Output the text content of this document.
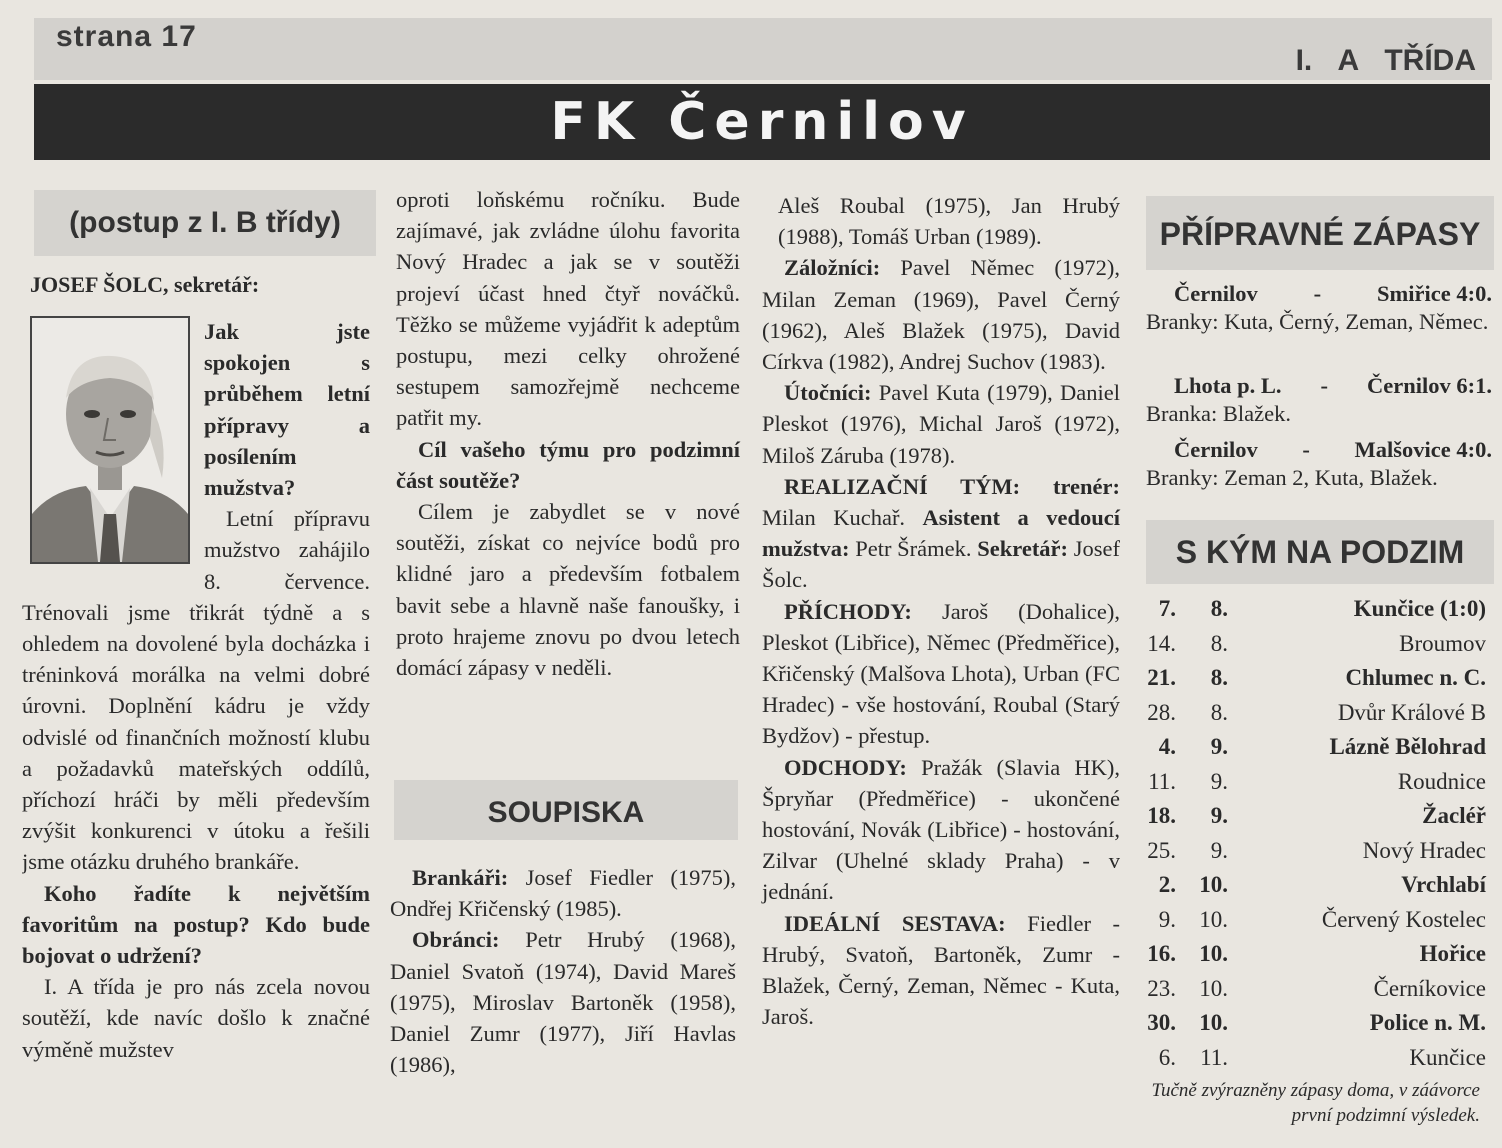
strana 17
I. A TŘÍDA
FK Černilov
(postup z I. B třídy)
JOSEF ŠOLC, sekretář:

Jak jste spokojen s průběhem letní přípravy a posílením mužstva?

Letní přípravu mužstvo zahájilo 8. července. Trénovali jsme třikrát týdně a s ohledem na dovolené byla docházka i tréninková morálka na velmi dobré úrovni. Doplnění kádru je vždy odvislé od finančních možností klubu a požadavků mateřských oddílů, příchozí hráči by měli především zvýšit konkurenci v útoku a řešili jsme otázku druhého brankáře.

Koho řadíte k největším favoritům na postup? Kdo bude bojovat o udržení?

I. A třída je pro nás zcela novou soutěží, kde navíc došlo k značné výměně mužstev

oproti loňskému ročníku. Bude zajímavé, jak zvládne úlohu favorita Nový Hradec a jak se v soutěži projeví účast hned čtyř nováčků. Těžko se můžeme vyjádřit k adeptům postupu, mezi celky ohrožené sestupem samozřejmě nechceme patřit my.

Cíl vašeho týmu pro podzimní část soutěže?

Cílem je zabydlet se v nové soutěži, získat co nejvíce bodů pro klidné jaro a především fotbalem bavit sebe a hlavně naše fanoušky, i proto hrajeme znovu po dvou letech domácí zápasy v neděli.

SOUPISKA

Brankáři: Josef Fiedler (1975), Ondřej Křičenský (1985).

Obránci: Petr Hrubý (1968), Daniel Svatoň (1974), David Mareš (1975), Miroslav Bartoněk (1958), Daniel Zumr (1977), Jiří Havlas (1986),

Aleš Roubal (1975), Jan Hrubý (1988), Tomáš Urban (1989).

Záložníci: Pavel Němec (1972), Milan Zeman (1969), Pavel Černý (1962), Aleš Blažek (1975), David Církva (1982), Andrej Suchov (1983).

Útočníci: Pavel Kuta (1979), Daniel Pleskot (1976), Michal Jaroš (1972), Miloš Záruba (1978).

REALIZAČNÍ TÝM: trenér: Milan Kuchař. Asistent a vedoucí mužstva: Petr Šrámek. Sekretář: Josef Šolc.

PŘÍCHODY: Jaroš (Dohalice), Pleskot (Libřice), Němec (Předměřice), Křičenský (Malšova Lhota), Urban (FC Hradec) - vše hostování, Roubal (Starý Bydžov) - přestup.

ODCHODY: Pražák (Slavia HK), Špryňar (Předměřice) - ukončené hostování, Novák (Libřice) - hostování, Zilvar (Uhelné sklady Praha) - v jednání.

IDEÁLNÍ SESTAVA: Fiedler - Hrubý, Svatoň, Bartoněk, Zumr - Blažek, Černý, Zeman, Němec - Kuta, Jaroš.

PŘÍPRAVNÉ ZÁPASY
Černilov - Smiřice 4:0.
Branky: Kuta, Černý, Zeman, Němec.
Lhota p. L. - Černilov 6:1.
Branka: Blažek.
Černilov - Malšovice 4:0.
Branky: Zeman 2, Kuta, Blažek.
S KÝM NA PODZIM
7.	8.	Kunčice (1:0)
14.	8.	Broumov
21.	8.	Chlumec n. C.
28.	8.	Dvůr Králové B
4.	9.	Lázně Bělohrad
11.	9.	Roudnice
18.	9.	Žacléř
25.	9.	Nový Hradec
2.	10.	Vrchlabí
9.	10.	Červený Kostelec
16.	10.	Hořice
23.	10.	Černíkovice
30.	10.	Police n. M.
6.	11.	Kunčice
Tučně zvýrazněny zápasy doma, v záávorce první podzimní výsledek.
